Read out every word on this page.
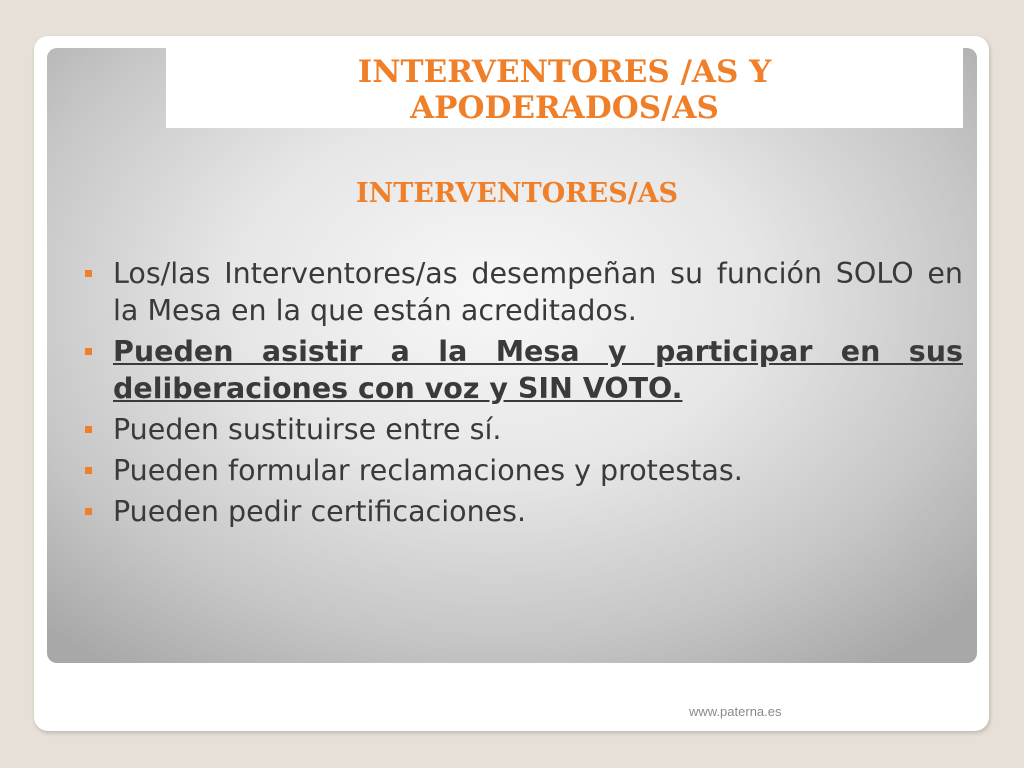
INTERVENTORES /AS Y
APODERADOS/AS
INTERVENTORES/AS
Los/las Interventores/as desempeñan su función SOLO en la Mesa en la que están acreditados.
Pueden asistir a la Mesa y participar en sus deliberaciones con voz y SIN VOTO.
Pueden sustituirse entre sí.
Pueden formular reclamaciones y protestas.
Pueden pedir certificaciones.
www.paterna.es
